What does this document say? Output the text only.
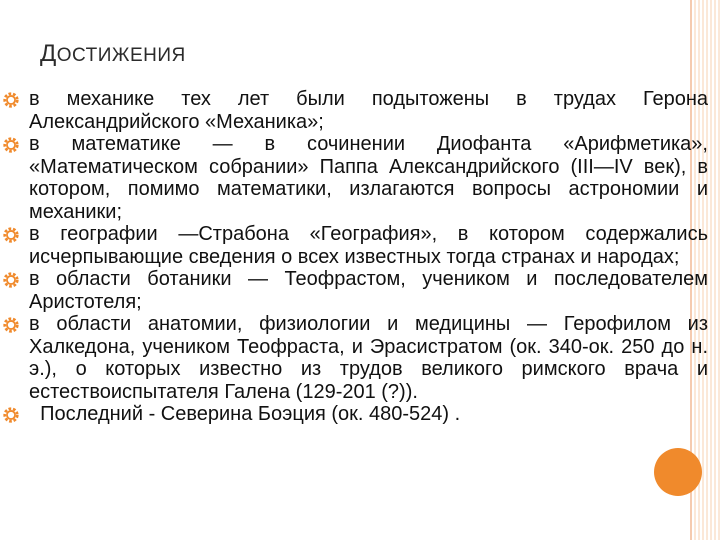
ДОСТИЖЕНИЯ
в механике тех лет были подытожены в трудах Герона Александрийского «Механика»;
в математике — в сочинении Диофанта «Арифметика», «Математическом собрании» Паппа Александрийского (III—IV век), в котором, помимо математики, излагаются вопросы астрономии и механики;
в географии —Страбона «География», в котором содержались исчерпывающие сведения о всех известных тогда странах и народах;
в области ботаники — Теофрастом, учеником и последователем Аристотеля;
в области анатомии, физиологии и медицины — Герофилом из Халкедона, учеником Теофраста, и Эрасистратом (ок. 340-ок. 250 до н. э.), о которых известно из трудов великого римского врача и естествоиспытателя Галена (129-201 (?)).
Последний - Северина Боэция (ок. 480-524) .
